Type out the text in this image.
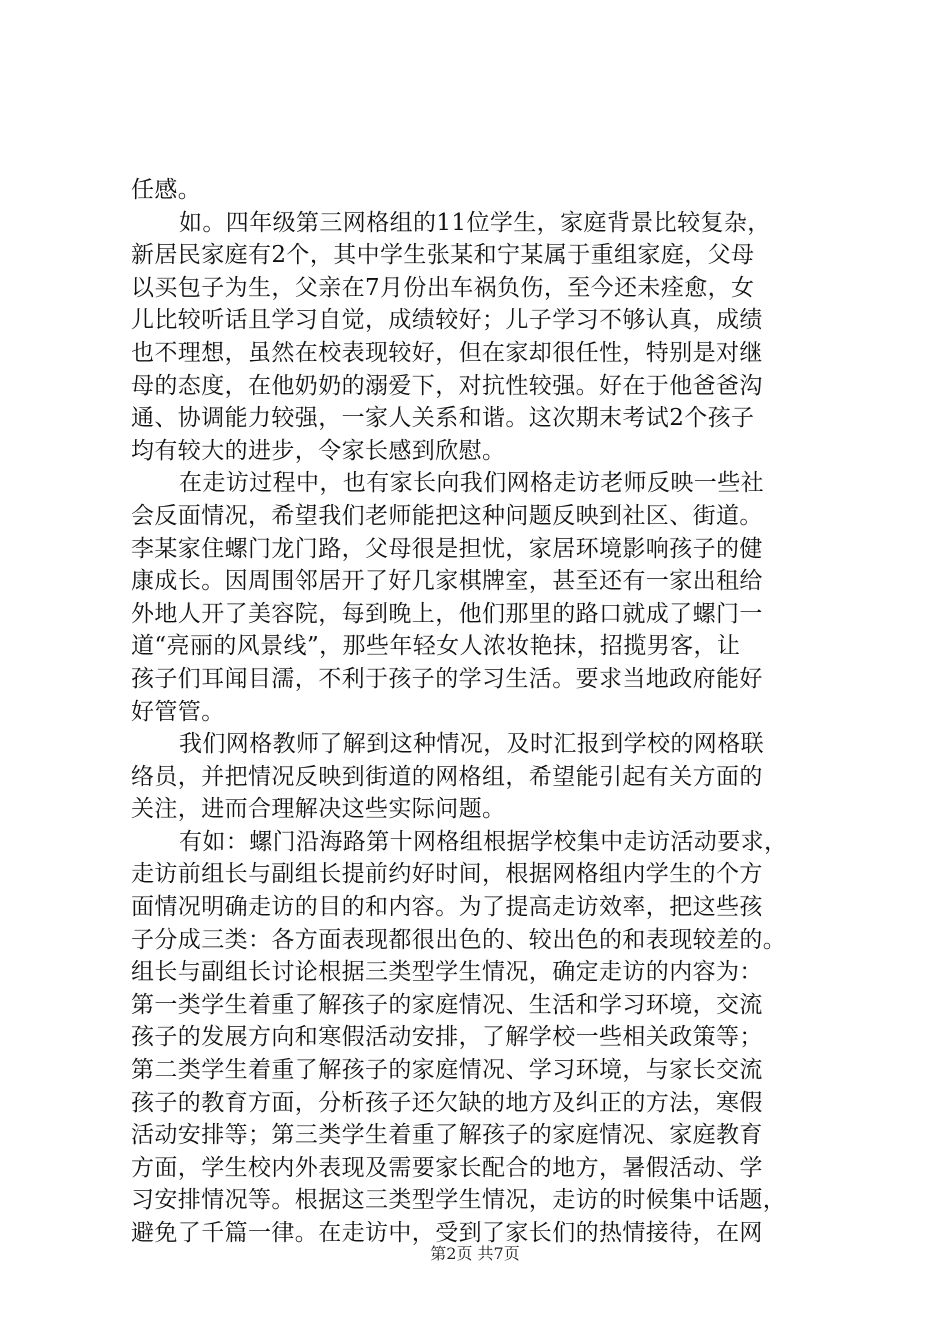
任感。
如。四年级第三网格组的11位学生，家庭背景比较复杂，
新居民家庭有2个，其中学生张某和宁某属于重组家庭，父母
以买包子为生，父亲在7月份出车祸负伤，至今还未痊愈，女
儿比较听话且学习自觉，成绩较好；儿子学习不够认真，成绩
也不理想，虽然在校表现较好，但在家却很任性，特别是对继
母的态度，在他奶奶的溺爱下，对抗性较强。好在于他爸爸沟
通、协调能力较强，一家人关系和谐。这次期末考试2个孩子
均有较大的进步，令家长感到欣慰。
在走访过程中，也有家长向我们网格走访老师反映一些社
会反面情况，希望我们老师能把这种问题反映到社区、街道。
李某家住螺门龙门路，父母很是担忧，家居环境影响孩子的健
康成长。因周围邻居开了好几家棋牌室，甚至还有一家出租给
外地人开了美容院，每到晚上，他们那里的路口就成了螺门一
道“亮丽的风景线”，那些年轻女人浓妆艳抹，招揽男客，让
孩子们耳闻目濡，不利于孩子的学习生活。要求当地政府能好
好管管。
我们网格教师了解到这种情况，及时汇报到学校的网格联
络员，并把情况反映到街道的网格组，希望能引起有关方面的
关注，进而合理解决这些实际问题。
有如：螺门沿海路第十网格组根据学校集中走访活动要求，
走访前组长与副组长提前约好时间，根据网格组内学生的个方
面情况明确走访的目的和内容。为了提高走访效率，把这些孩
子分成三类：各方面表现都很出色的、较出色的和表现较差的。
组长与副组长讨论根据三类型学生情况，确定走访的内容为：
第一类学生着重了解孩子的家庭情况、生活和学习环境，交流
孩子的发展方向和寒假活动安排，了解学校一些相关政策等；
第二类学生着重了解孩子的家庭情况、学习环境，与家长交流
孩子的教育方面，分析孩子还欠缺的地方及纠正的方法，寒假
活动安排等；第三类学生着重了解孩子的家庭情况、家庭教育
方面，学生校内外表现及需要家长配合的地方，暑假活动、学
习安排情况等。根据这三类型学生情况，走访的时候集中话题，
避免了千篇一律。在走访中，受到了家长们的热情接待，在网
第2页 共7页
